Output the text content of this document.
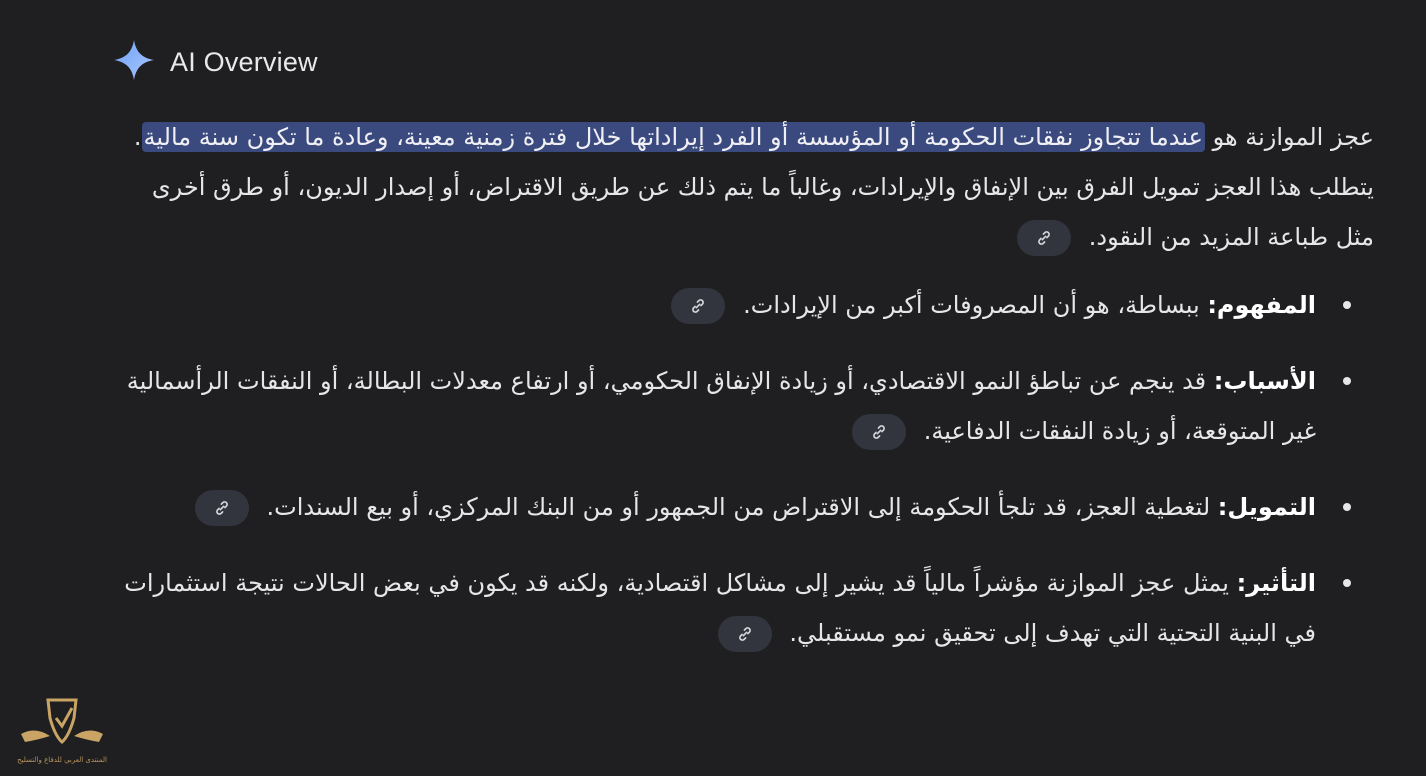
AI Overview

عجز الموازنة هو عندما تتجاوز نفقات الحكومة أو المؤسسة أو الفرد إيراداتها خلال فترة زمنية معينة، وعادة ما تكون سنة مالية. يتطلب هذا العجز تمويل الفرق بين الإنفاق والإيرادات، وغالباً ما يتم ذلك عن طريق الاقتراض، أو إصدار الديون، أو طرق أخرى مثل طباعة المزيد من النقود.

المفهوم: ببساطة، هو أن المصروفات أكبر من الإيرادات.
الأسباب: قد ينجم عن تباطؤ النمو الاقتصادي، أو زيادة الإنفاق الحكومي، أو ارتفاع معدلات البطالة، أو النفقات الرأسمالية غير المتوقعة، أو زيادة النفقات الدفاعية.
التمويل: لتغطية العجز، قد تلجأ الحكومة إلى الاقتراض من الجمهور أو من البنك المركزي، أو بيع السندات.
التأثير: يمثل عجز الموازنة مؤشراً مالياً قد يشير إلى مشاكل اقتصادية، ولكنه قد يكون في بعض الحالات نتيجة استثمارات في البنية التحتية التي تهدف إلى تحقيق نمو مستقبلي.
المنتدى العربي للدفاع والتسليح
